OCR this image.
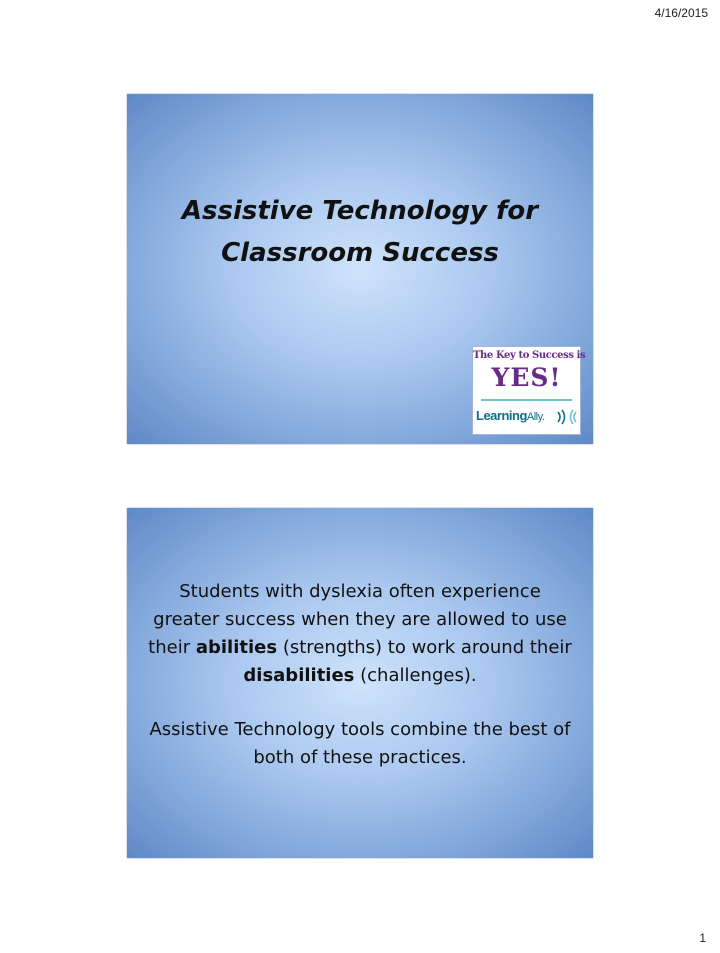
4/16/2015
Assistive Technology for
Classroom Success
The Key to Success is
YES!
LearningAlly.

Students with dyslexia often experience greater success when they are allowed to use their abilities (strengths) to work around their disabilities (challenges).

Assistive Technology tools combine the best of both of these practices.

1
